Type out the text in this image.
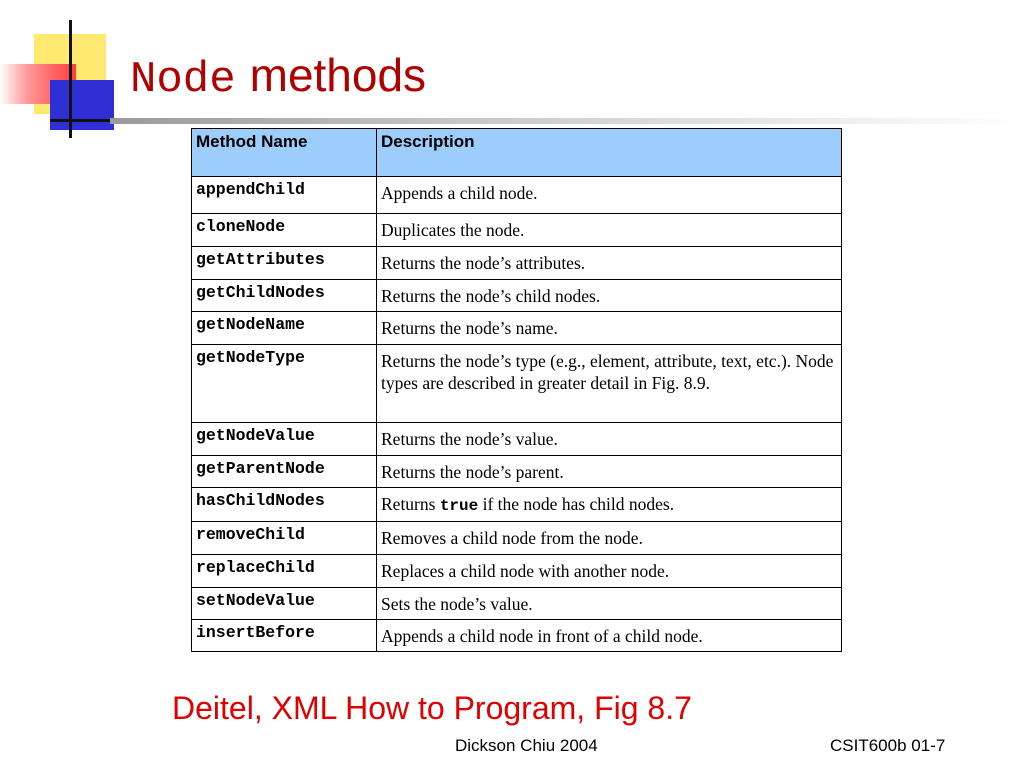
Node methods
Method Name	Description
appendChild	Appends a child node.
cloneNode	Duplicates the node.
getAttributes	Returns the node’s attributes.
getChildNodes	Returns the node’s child nodes.
getNodeName	Returns the node’s name.
getNodeType	Returns the node’s type (e.g., element, attribute, text, etc.). Node types are described in greater detail in Fig. 8.9.
getNodeValue	Returns the node’s value.
getParentNode	Returns the node’s parent.
hasChildNodes	Returns true if the node has child nodes.
removeChild	Removes a child node from the node.
replaceChild	Replaces a child node with another node.
setNodeValue	Sets the node’s value.
insertBefore	Appends a child node in front of a child node.
Deitel, XML How to Program, Fig 8.7
Dickson Chiu 2004	CSIT600b 01-7
